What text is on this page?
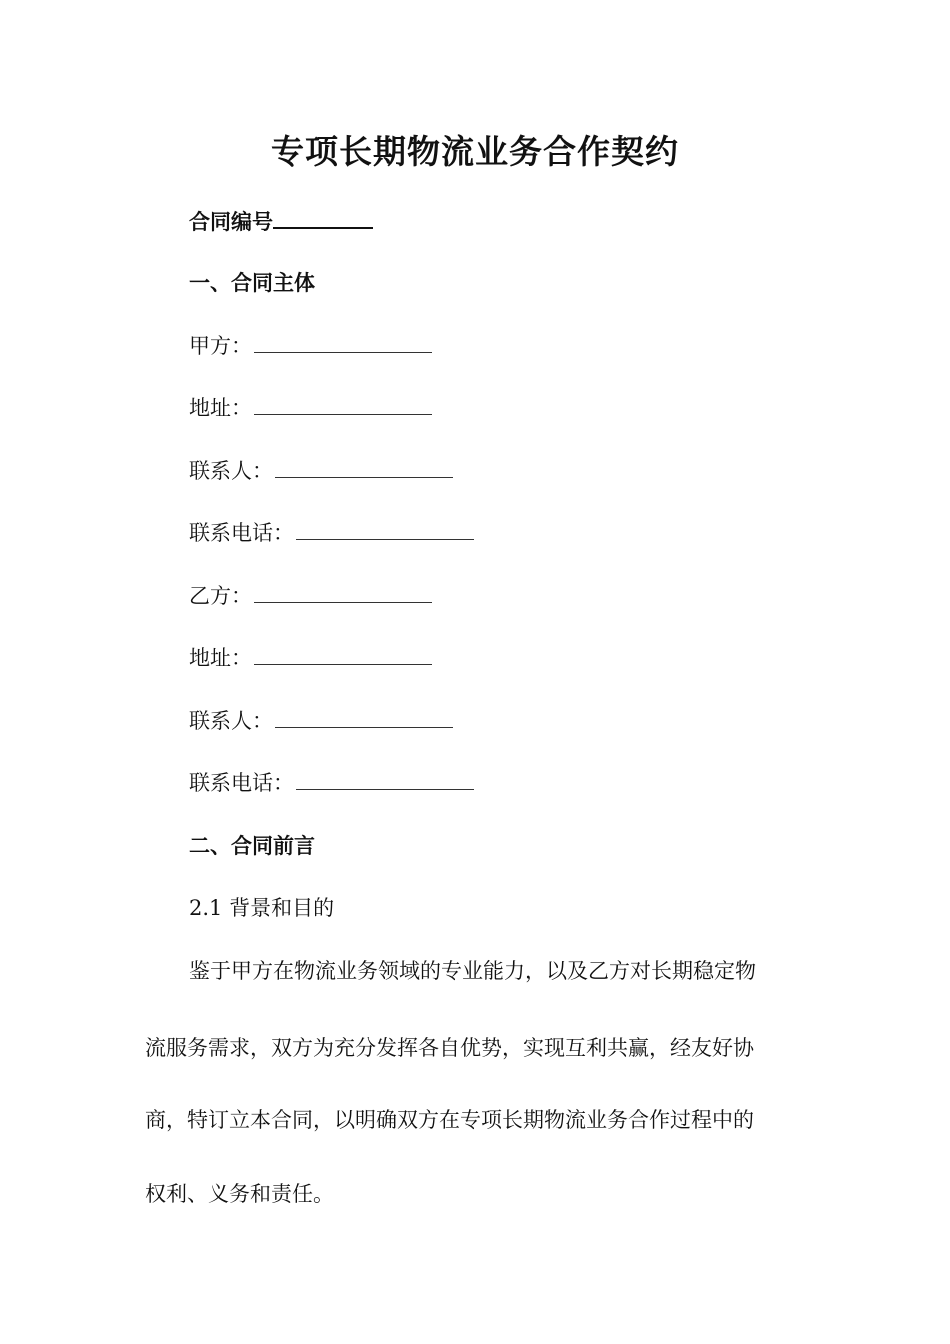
专项长期物流业务合作契约
合同编号
一、合同主体
甲方：
地址：
联系人：
联系电话：
乙方：
地址：
联系人：
联系电话：
二、合同前言
2.1 背景和目的
鉴于甲方在物流业务领域的专业能力，以及乙方对长期稳定物
流服务需求，双方为充分发挥各自优势，实现互利共赢，经友好协
商，特订立本合同，以明确双方在专项长期物流业务合作过程中的
权利、义务和责任。
